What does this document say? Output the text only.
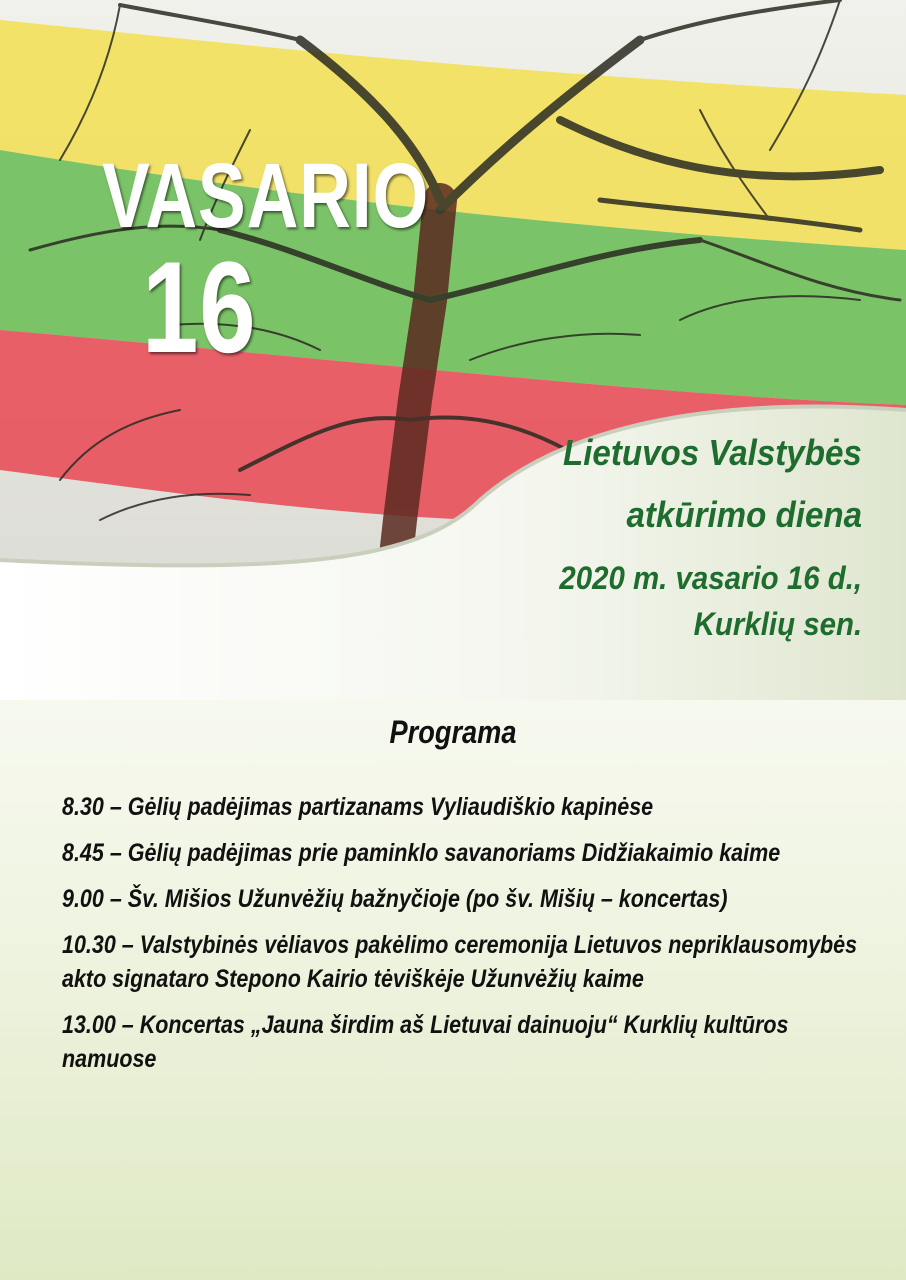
VASARIO
16
Lietuvos Valstybės
atkūrimo diena
2020 m. vasario 16 d.,
Kurklių sen.
Programa
8.30 – Gėlių padėjimas partizanams Vyliaudiškio kapinėse
8.45 – Gėlių padėjimas prie paminklo savanoriams Didžiakaimio kaime
9.00 – Šv. Mišios Užunvėžių bažnyčioje (po šv. Mišių – koncertas)
10.30 – Valstybinės vėliavos pakėlimo ceremonija Lietuvos nepriklausomybės akto signataro Stepono Kairio tėviškėje Užunvėžių kaime
13.00 – Koncertas „Jauna širdim aš Lietuvai dainuoju“ Kurklių kultūros namuose
